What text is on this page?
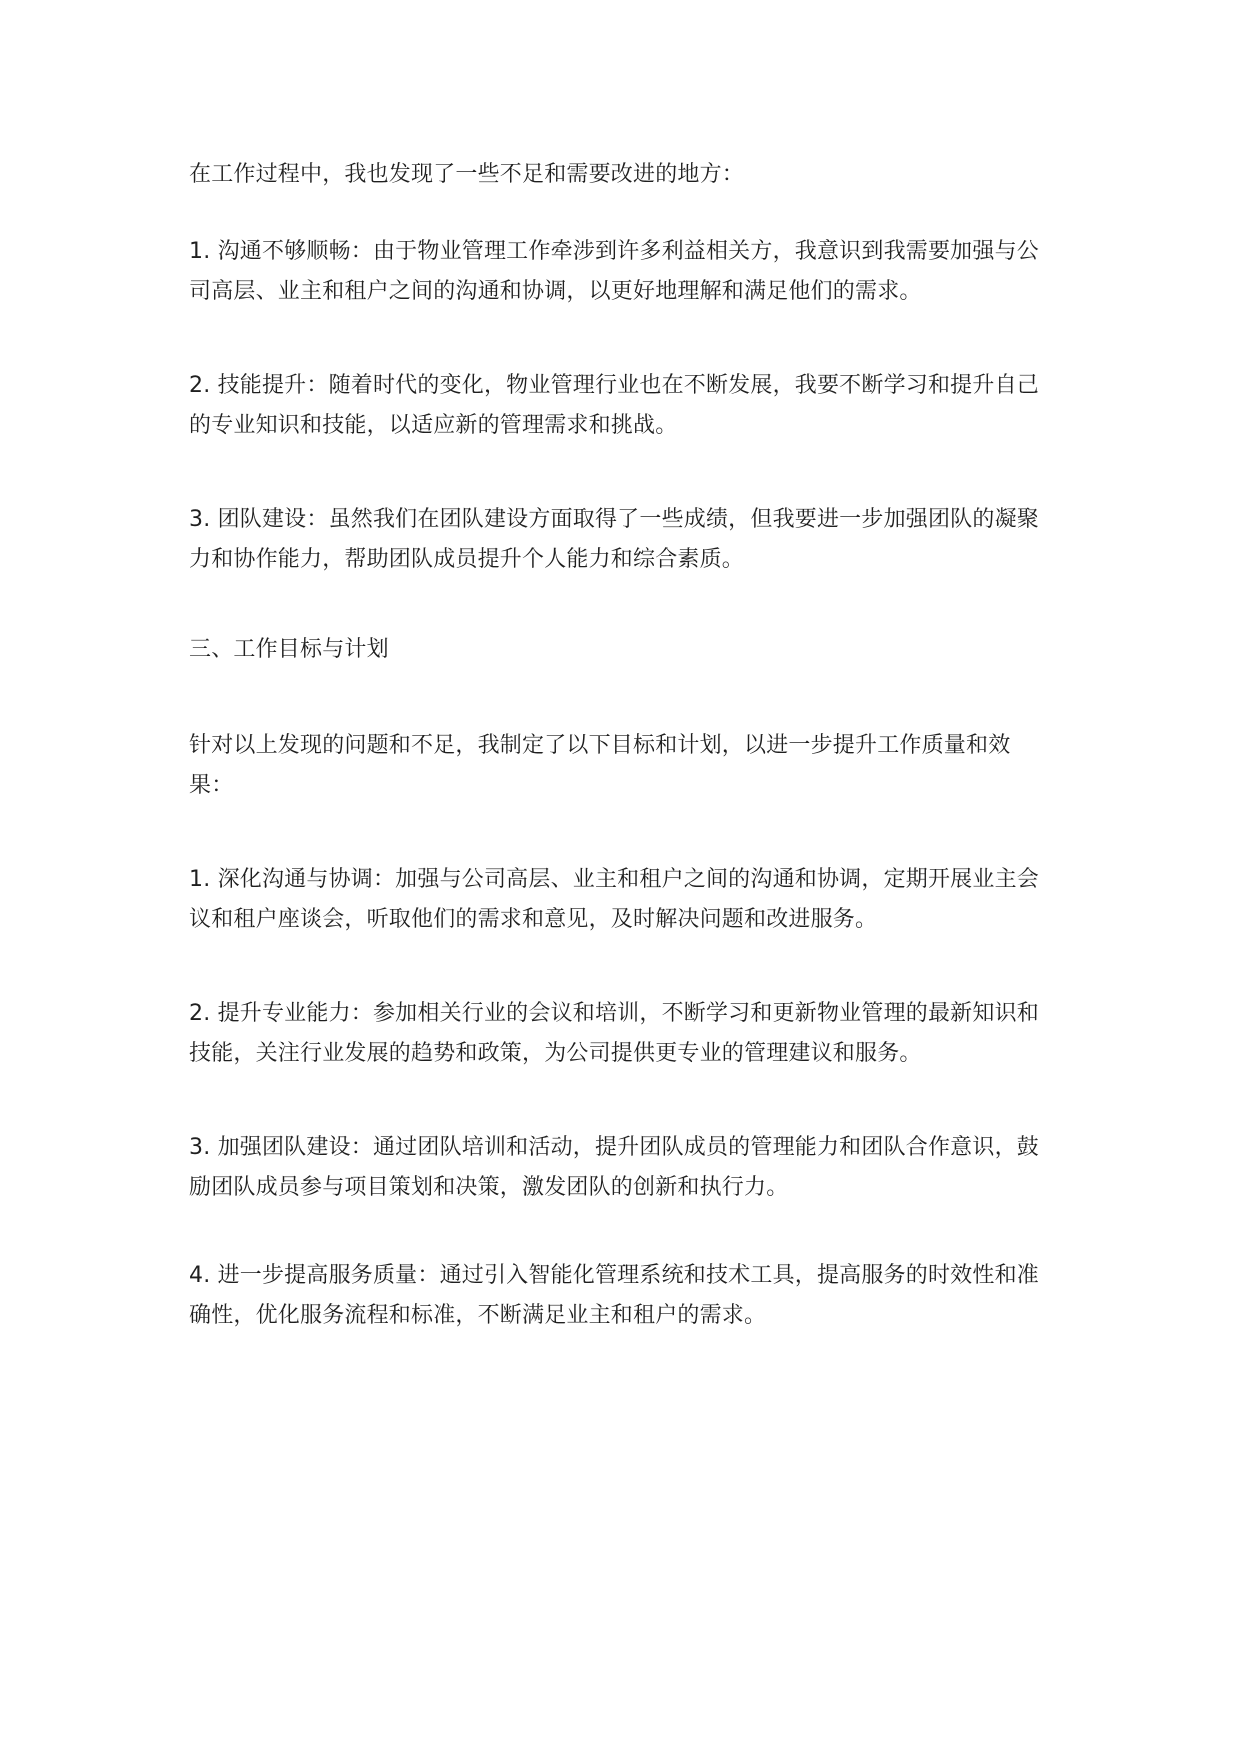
在工作过程中，我也发现了一些不足和需要改进的地方：

1. 沟通不够顺畅：由于物业管理工作牵涉到许多利益相关方，我意识到我需要加强与公司高层、业主和租户之间的沟通和协调，以更好地理解和满足他们的需求。

2. 技能提升：随着时代的变化，物业管理行业也在不断发展，我要不断学习和提升自己的专业知识和技能，以适应新的管理需求和挑战。

3. 团队建设：虽然我们在团队建设方面取得了一些成绩，但我要进一步加强团队的凝聚力和协作能力，帮助团队成员提升个人能力和综合素质。

三、工作目标与计划

针对以上发现的问题和不足，我制定了以下目标和计划，以进一步提升工作质量和效果：

1. 深化沟通与协调：加强与公司高层、业主和租户之间的沟通和协调，定期开展业主会议和租户座谈会，听取他们的需求和意见，及时解决问题和改进服务。

2. 提升专业能力：参加相关行业的会议和培训，不断学习和更新物业管理的最新知识和技能，关注行业发展的趋势和政策，为公司提供更专业的管理建议和服务。

3. 加强团队建设：通过团队培训和活动，提升团队成员的管理能力和团队合作意识，鼓励团队成员参与项目策划和决策，激发团队的创新和执行力。

4. 进一步提高服务质量：通过引入智能化管理系统和技术工具，提高服务的时效性和准确性，优化服务流程和标准，不断满足业主和租户的需求。
